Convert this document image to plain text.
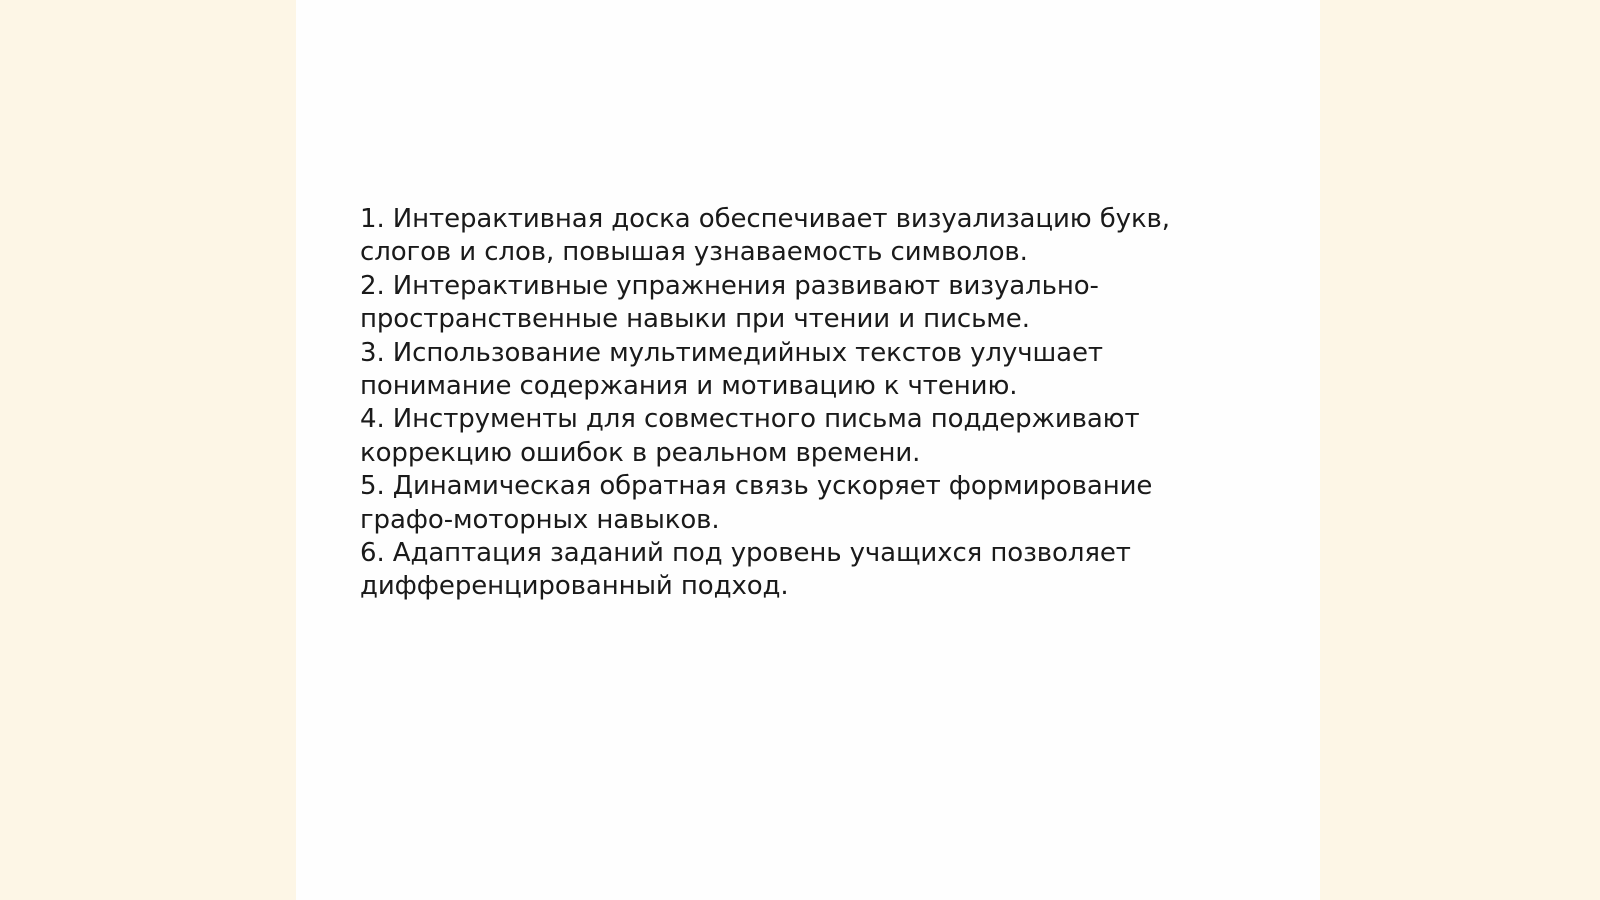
1. Интерактивная доска обеспечивает визуализацию букв, слогов и слов, повышая узнаваемость символов.

2. Интерактивные упражнения развивают визуально-пространственные навыки при чтении и письме.

3. Использование мультимедийных текстов улучшает понимание содержания и мотивацию к чтению.

4. Инструменты для совместного письма поддерживают коррекцию ошибок в реальном времени.

5. Динамическая обратная связь ускоряет формирование графо-моторных навыков.

6. Адаптация заданий под уровень учащихся позволяет дифференцированный подход.
